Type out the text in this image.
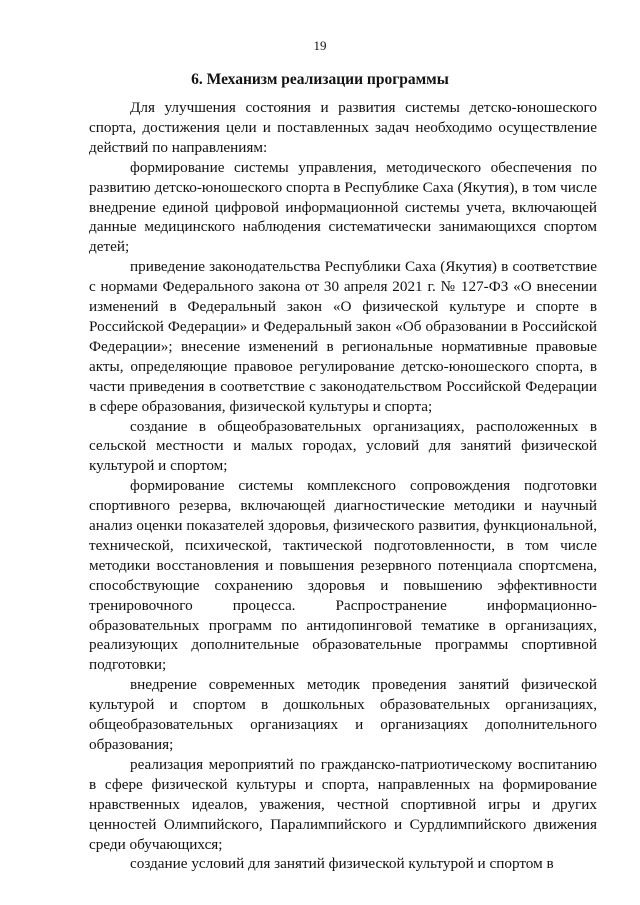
19
6. Механизм реализации программы

Для улучшения состояния и развития системы детско-юношеского спорта, достижения цели и поставленных задач необходимо осуществление действий по направлениям:

формирование системы управления, методического обеспечения по развитию детско-юношеского спорта в Республике Саха (Якутия), в том числе внедрение единой цифровой информационной системы учета, включающей данные медицинского наблюдения систематически занимающихся спортом детей;

приведение законодательства Республики Саха (Якутия) в соответствие с нормами Федерального закона от 30 апреля 2021 г. № 127-ФЗ «О внесении изменений в Федеральный закон «О физической культуре и спорте в Российской Федерации» и Федеральный закон «Об образовании в Российской Федерации»; внесение изменений в региональные нормативные правовые акты, определяющие правовое регулирование детско-юношеского спорта, в части приведения в соответствие с законодательством Российской Федерации в сфере образования, физической культуры и спорта;

создание в общеобразовательных организациях, расположенных в сельской местности и малых городах, условий для занятий физической культурой и спортом;

формирование системы комплексного сопровождения подготовки спортивного резерва, включающей диагностические методики и научный анализ оценки показателей здоровья, физического развития, функциональной, технической, психической, тактической подготовленности, в том числе методики восстановления и повышения резервного потенциала спортсмена, способствующие сохранению здоровья и повышению эффективности тренировочного процесса. Распространение информационно-образовательных программ по антидопинговой тематике в организациях, реализующих дополнительные образовательные программы спортивной подготовки;

внедрение современных методик проведения занятий физической культурой и спортом в дошкольных образовательных организациях, общеобразовательных организациях и организациях дополнительного образования;

реализация мероприятий по гражданско-патриотическому воспитанию в сфере физической культуры и спорта, направленных на формирование нравственных идеалов, уважения, честной спортивной игры и других ценностей Олимпийского, Паралимпийского и Сурдлимпийского движения среди обучающихся;

создание условий для занятий физической культурой и спортом в
